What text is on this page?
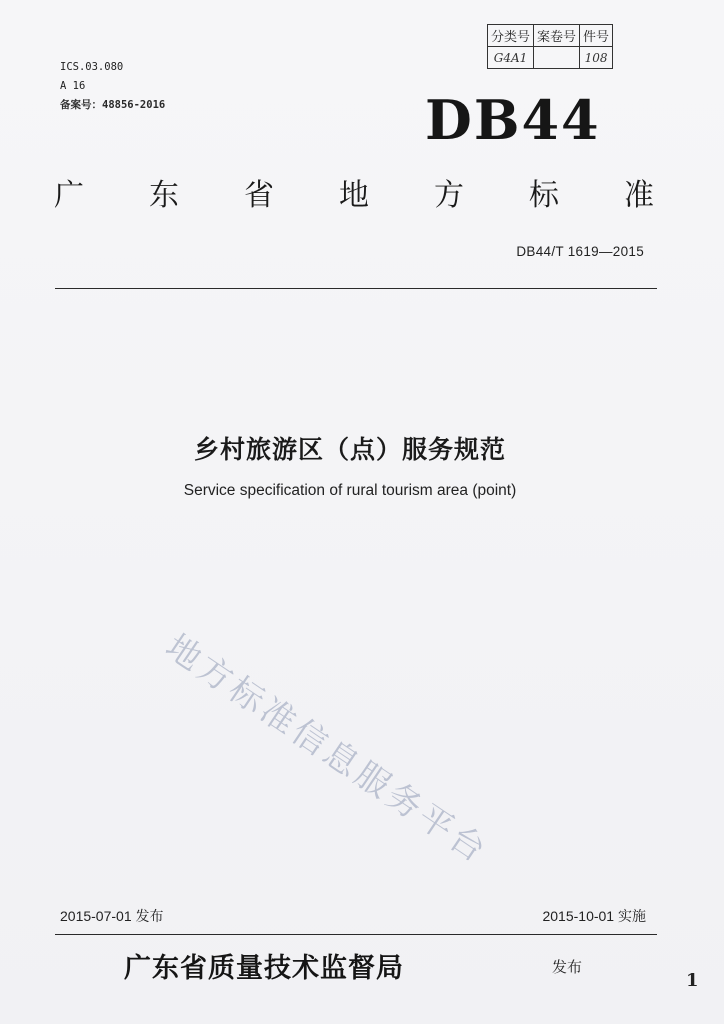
分类号	案卷号	件号
G4A1		108
ICS.03.080
A 16
备案号：48856-2016	DB44
广 东 省 地 方 标 准
DB44/T 1619—2015
乡村旅游区（点）服务规范
Service specification of rural tourism area (point)
地方标准信息服务平台
2015-07-01 发布	2015-10-01 实施
广东省质量技术监督局	发布
1
